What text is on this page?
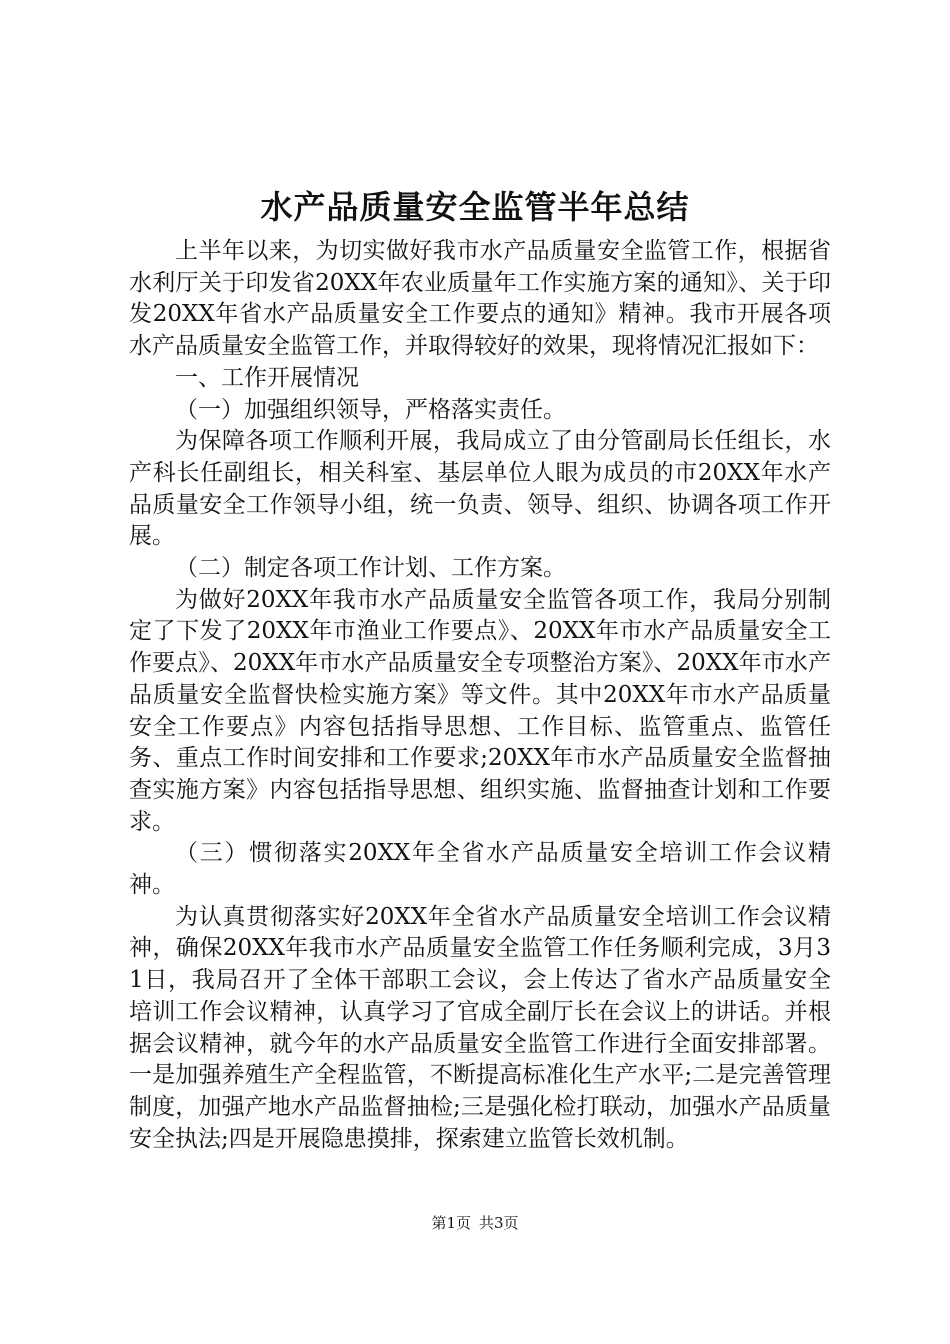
水产品质量安全监管半年总结

上半年以来，为切实做好我市水产品质量安全监管工作，根据省水利厅关于印发省20XX年农业质量年工作实施方案的通知》、关于印发20XX年省水产品质量安全工作要点的通知》精神。我市开展各项水产品质量安全监管工作，并取得较好的效果，现将情况汇报如下：

一、工作开展情况

（一）加强组织领导，严格落实责任。

为保障各项工作顺利开展，我局成立了由分管副局长任组长，水产科长任副组长，相关科室、基层单位人眼为成员的市20XX年水产品质量安全工作领导小组，统一负责、领导、组织、协调各项工作开展。

（二）制定各项工作计划、工作方案。

为做好20XX年我市水产品质量安全监管各项工作，我局分别制定了下发了20XX年市渔业工作要点》、20XX年市水产品质量安全工作要点》、20XX年市水产品质量安全专项整治方案》、20XX年市水产品质量安全监督快检实施方案》等文件。其中20XX年市水产品质量安全工作要点》内容包括指导思想、工作目标、监管重点、监管任务、重点工作时间安排和工作要求;20XX年市水产品质量安全监督抽查实施方案》内容包括指导思想、组织实施、监督抽查计划和工作要求。

（三）惯彻落实20XX年全省水产品质量安全培训工作会议精神。

为认真贯彻落实好20XX年全省水产品质量安全培训工作会议精神，确保20XX年我市水产品质量安全监管工作任务顺利完成，3月31日，我局召开了全体干部职工会议，会上传达了省水产品质量安全培训工作会议精神，认真学习了官成全副厅长在会议上的讲话。并根据会议精神，就今年的水产品质量安全监管工作进行全面安排部署。一是加强养殖生产全程监管，不断提高标准化生产水平;二是完善管理制度，加强产地水产品监督抽检;三是强化检打联动，加强水产品质量安全执法;四是开展隐患摸排，探索建立监管长效机制。

第1页 共3页
